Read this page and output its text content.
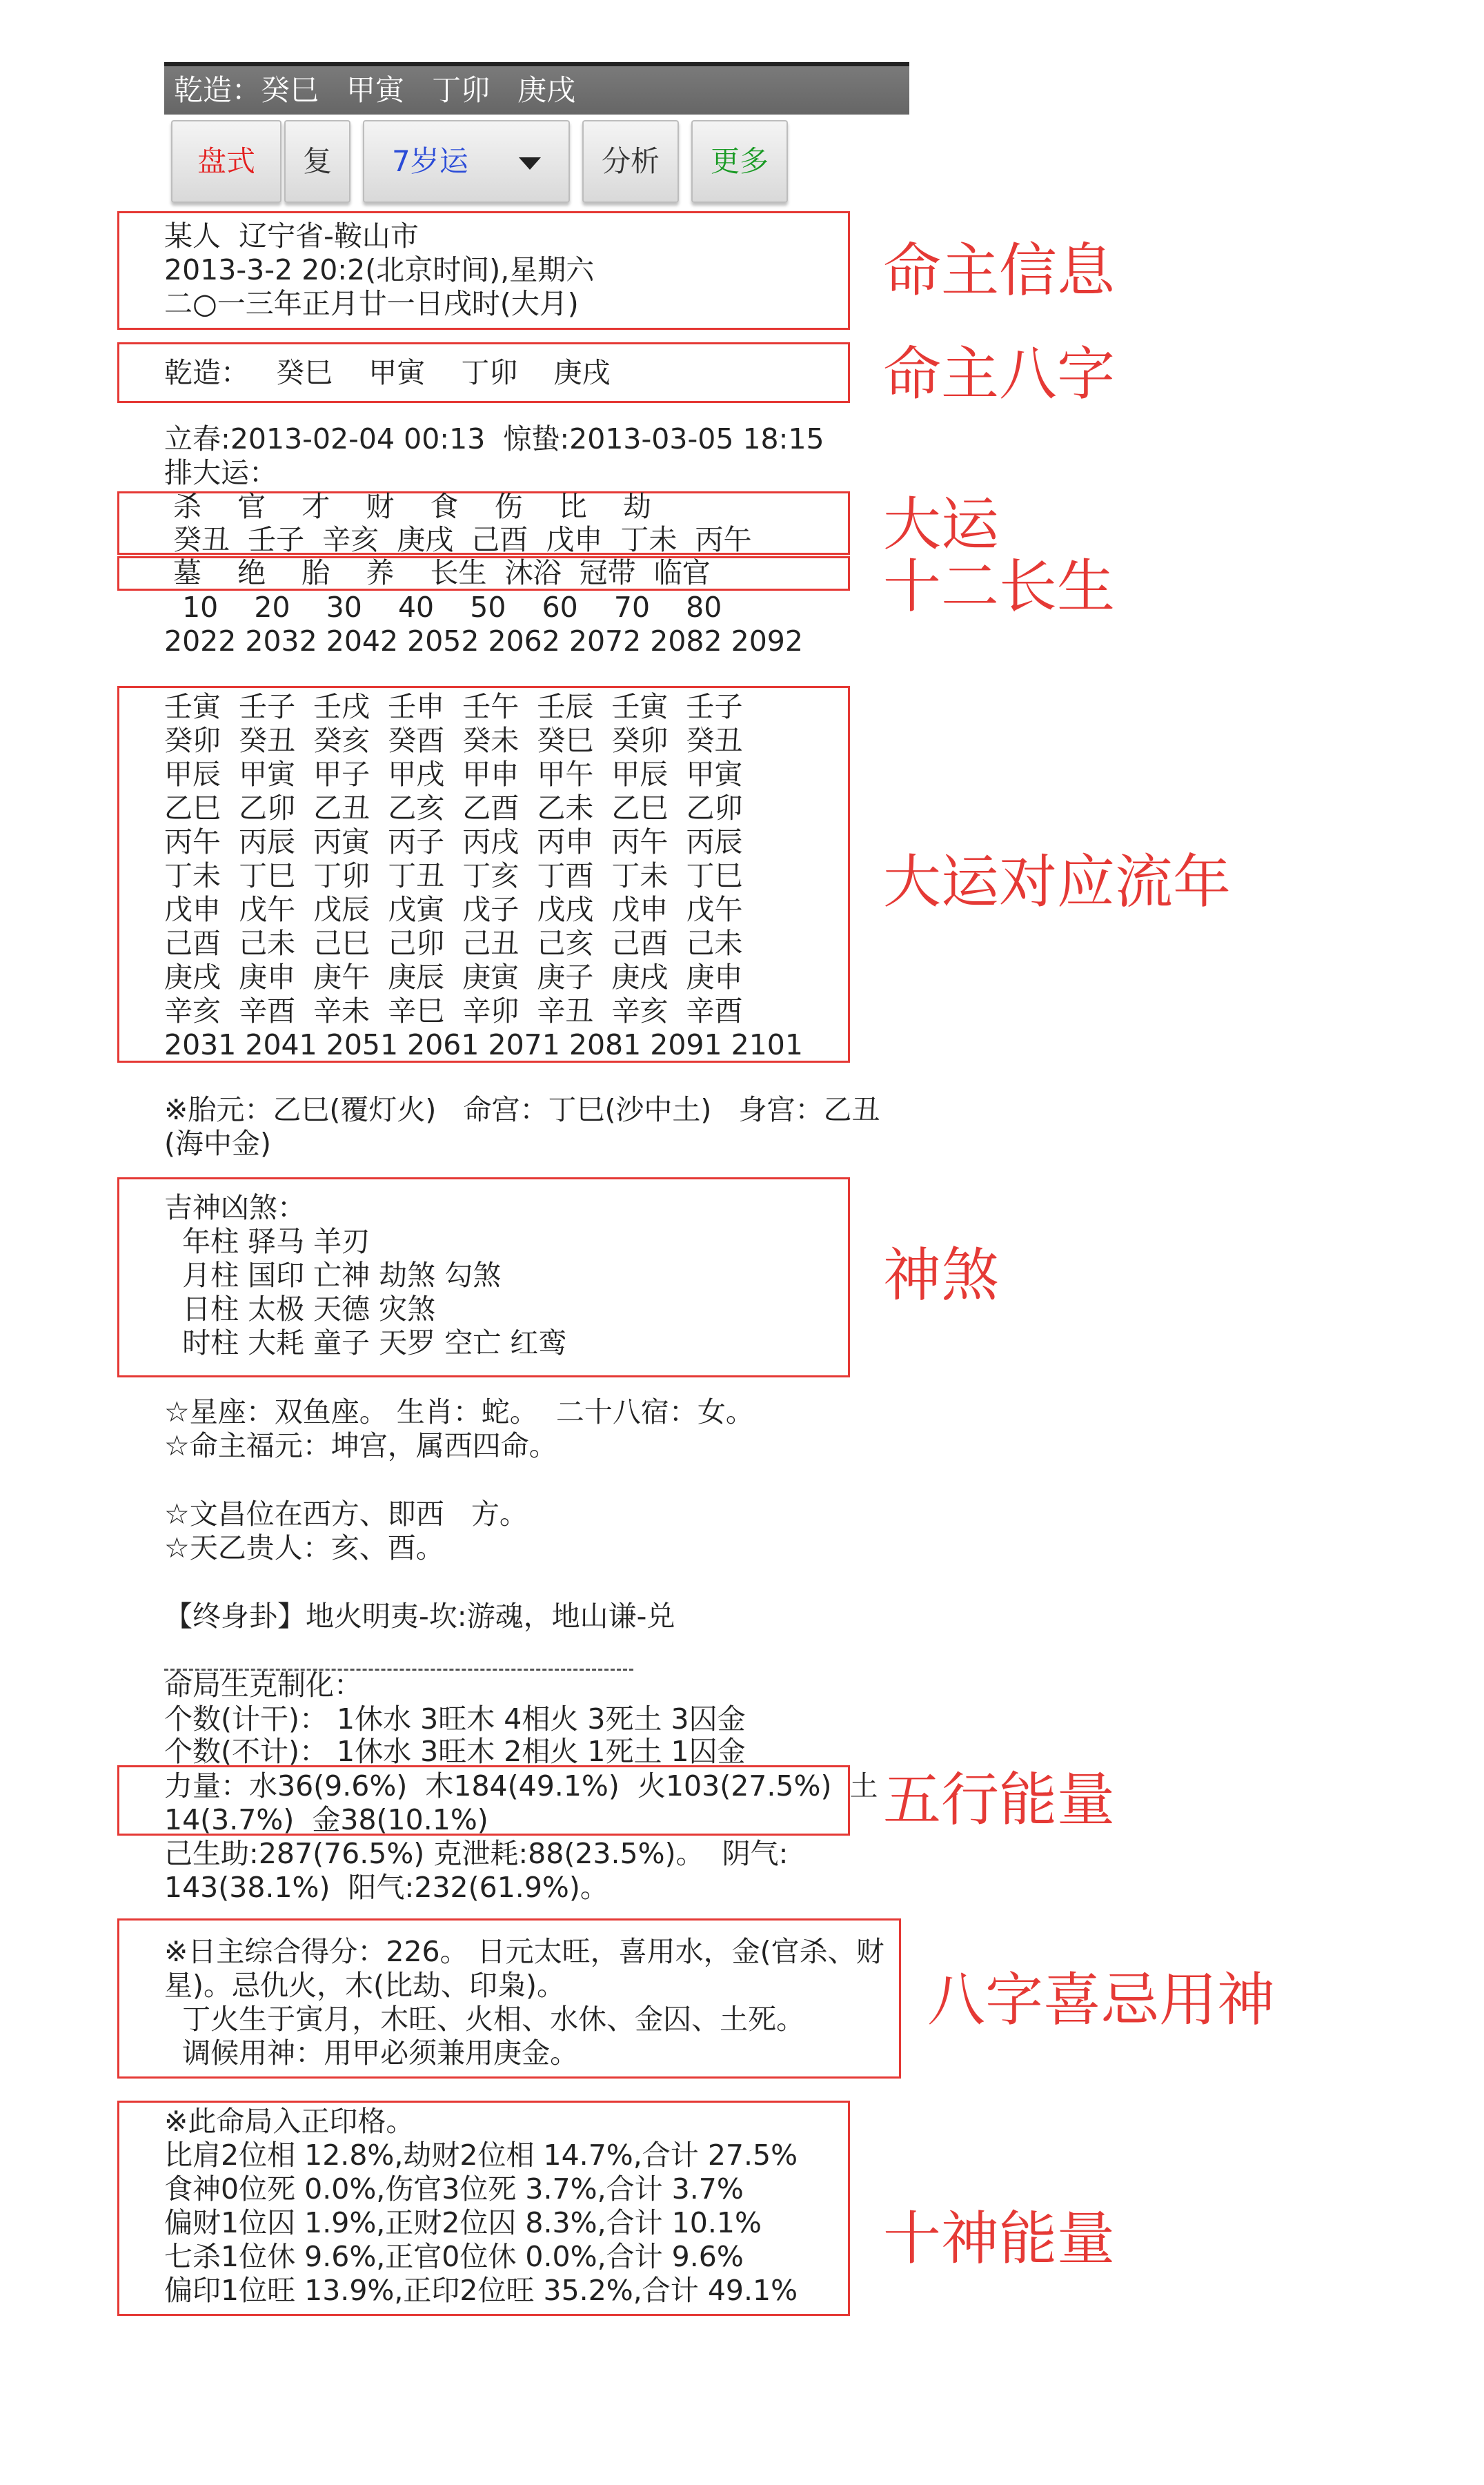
乾造：癸巳   甲寅   丁卯   庚戌
盘式	复	7岁运	分析	更多
某人  辽宁省-鞍山市
2013-3-2 20:2(北京时间),星期六
二○一三年正月廿一日戌时(大月)	命主信息
乾造：   癸巳    甲寅    丁卯    庚戌	命主八字
立春:2013-02-04 00:13  惊蛰:2013-03-05 18:15
排大运：
杀    官    才    财    食    伤    比    劫
癸丑  壬子  辛亥  庚戌  己酉  戊申  丁未  丙午 大运
墓    绝    胎    养    长生  沐浴  冠带  临官	十二长生
10    20    30    40    50    60    70    80
2022 2032 2042 2052 2062 2072 2082 2092
壬寅  壬子  壬戌  壬申  壬午  壬辰  壬寅  壬子
癸卯  癸丑  癸亥  癸酉  癸未  癸巳  癸卯  癸丑
甲辰  甲寅  甲子  甲戌  甲申  甲午  甲辰  甲寅
乙巳  乙卯  乙丑  乙亥  乙酉  乙未  乙巳  乙卯
丙午  丙辰  丙寅  丙子  丙戌  丙申  丙午  丙辰
丁未  丁巳  丁卯  丁丑  丁亥  丁酉  丁未  丁巳
戊申  戊午  戊辰  戊寅  戊子  戊戌  戊申  戊午
己酉  己未  己巳  己卯  己丑  己亥  己酉  己未
庚戌  庚申  庚午  庚辰  庚寅  庚子  庚戌  庚申
辛亥  辛酉  辛未  辛巳  辛卯  辛丑  辛亥  辛酉
2031 2041 2051 2061 2071 2081 2091 2101
大运对应流年
※胎元：乙巳(覆灯火)   命宫：丁巳(沙中土)   身宫：乙丑
(海中金)
吉神凶煞：
年柱 驿马 羊刃
月柱 国印 亡神 劫煞 勾煞
日柱 太极 天德 灾煞
时柱 大耗 童子 天罗 空亡 红鸾
神煞
☆星座：双鱼座。 生肖：蛇。  二十八宿：女。
☆命主福元：坤宫，属西四命。
☆文昌位在西方、即西   方。
☆天乙贵人：亥、酉。
【终身卦】地火明夷-坎:游魂，地山谦-兑
命局生克制化：
个数(计干)： 1休水 3旺木 4相火 3死土 3囚金
个数(不计)： 1休水 3旺木 2相火 1死土 1囚金
力量：水36(9.6%)  木184(49.1%)  火103(27.5%)  土
14(3.7%)  金38(10.1%)	五行能量
己生助:287(76.5%) 克泄耗:88(23.5%)。  阴气:
143(38.1%)  阳气:232(61.9%)。
※日主综合得分：226。 日元太旺，喜用水，金(官杀、财
星)。忌仇火，木(比劫、印枭)。
丁火生于寅月，木旺、火相、水休、金囚、土死。
调候用神：用甲必须兼用庚金。
八字喜忌用神
※此命局入正印格。
比肩2位相 12.8%,劫财2位相 14.7%,合计 27.5%
食神0位死 0.0%,伤官3位死 3.7%,合计 3.7%
偏财1位囚 1.9%,正财2位囚 8.3%,合计 10.1%
七杀1位休 9.6%,正官0位休 0.0%,合计 9.6%
偏印1位旺 13.9%,正印2位旺 35.2%,合计 49.1%
十神能量
